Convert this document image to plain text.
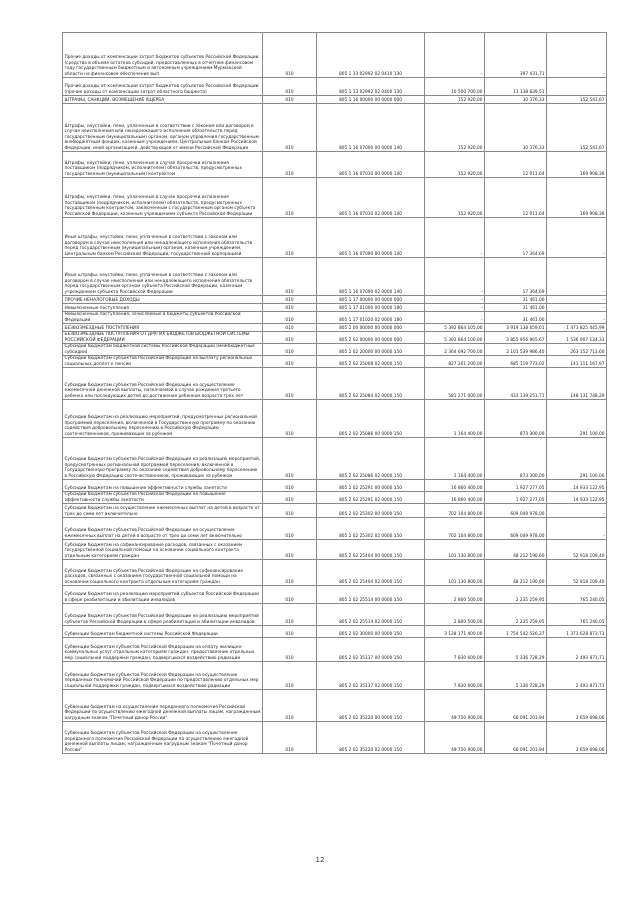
Прочие доходы от компенсации затрат бюджетов субъектов Российской Федерации (средства в объеме остатков субсидий, предоставленных в отчетном финансовом году государственным бюджетным и автономным учреждениям Мурманской области на финансовое обеспечение вып	010	805 1 13 02992 02 0410 130	-	397 431,71	-
Прочие доходы от компенсации затрат бюджетов субъектов Российской Федерации (прочие доходы от компенсации затрат областного бюджета)	010	805 1 13 02992 02 0400 130	10 500 700,00	11 138 839,51	-
ШТРАФЫ, САНКЦИИ, ВОЗМЕЩЕНИЕ УЩЕРБА	010	805 1 16 00000 00 0000 000	152 920,00	30 376,33	152 543,67
Штрафы, неустойки, пени, уплаченные в соответствии с законом или договором в случае неисполнения или ненадлежащего исполнения обязательств перед государственным (муниципальным) органом, органом управления государственным внебюджетным фондом, казенным учреждением, Центральным банком Российской Федерации, иной организацией, действующей от имени Российской Федерации	010	805 1 16 07000 00 0000 140	152 920,00	30 376,33	152 543,67
Штрафы, неустойки, пени, уплаченные в случае просрочки исполнения поставщиком (подрядчиком, исполнителем) обязательств, предусмотренных государственным (муниципальным) контрактом	010	805 1 16 07010 00 0000 140	152 920,00	12 011,64	169 908,36
Штрафы, неустойки, пени, уплаченные в случае просрочки исполнения поставщиком (подрядчиком, исполнителем) обязательств, предусмотренных государственным контрактом, заключенным с государственным органом субъекта Российской Федерации, казенным учреждением субъекта Российской Федерации	010	805 1 16 07010 02 0000 140	152 920,00	12 011,64	169 908,36
Иные штрафы, неустойки, пени, уплаченные в соответствии с законом или договором в случае неисполнения или ненадлежащего исполнения обязательств перед государственным (муниципальным) органом, казенным учреждением, Центральным банком Российской Федерации, государственной корпорацией	010	805 1 16 07090 00 0000 140	-	17 364,69	-
Иные штрафы, неустойки, пени, уплаченные в соответствии с законом или договором в случае неисполнения или ненадлежащего исполнения обязательств перед государственным органом субъекта Российской Федерации, казенным учреждением субъекта Российской Федерации	010	805 1 16 07090 02 0000 140	-	17 364,69	-
ПРОЧИЕ НЕНАЛОГОВЫЕ ДОХОДЫ	010	805 1 17 00000 00 0000 000	-	31 461,00	-
Невыясненные поступления	010	805 1 17 01000 00 0000 180	-	31 461,00	-
Невыясненные поступления, зачисляемые в бюджеты субъектов Российской Федерации	010	805 1 17 01020 02 0000 180	-	31 461,00	-
БЕЗВОЗМЕЗДНЫЕ ПОСТУПЛЕНИЯ	010	805 2 00 00000 00 0000 000	5 392 864 105,00	3 919 138 659,01	1 473 825 445,99
БЕЗВОЗМЕЗДНЫЕ ПОСТУПЛЕНИЯ ОТ ДРУГИХ БЮДЖЕТОВ БЮДЖЕТНОЙ СИСТЕМЫ РОССИЙСКОЙ ФЕДЕРАЦИИ	010	805 2 02 00000 00 0000 000	5 392 864 100,00	3 855 956 965,67	1 536 907 134,33
Субсидии бюджетам бюджетной системы Российской Федерации (межбюджетные субсидии)	010	805 2 02 20000 00 0000 150	2 364 692 700,00	2 101 539 986,40	263 152 713,60
Субсидии бюджетам субъектов Российской Федерации на выплату региональных социальных доплат к пенсии	010	805 2 02 25008 02 0000 150	827 201 200,00	685 119 773,02	141 111 167,97
Субсидии бюджетам субъектов Российской Федерации на осуществление ежемесячной денежной выплаты, назначаемой в случае рождения третьего ребенка или последующих детей до достижения ребенком возраста трех лет	010	805 2 02 25084 02 0000 150	581 271 000,00	433 139 251,71	148 131 748,29
Субсидии бюджетам на реализацию мероприятий, предусмотренных региональной программой переселения, включенной в Государственную программу по оказанию содействия добровольному переселению в Российскую Федерацию соотечественников, проживающих за рубежом	010	805 2 02 25086 00 0000 150	1 164 400,00	873 300,00	291 100,00
Субсидии бюджетам субъектов Российской Федерации на реализацию мероприятий, предусмотренных региональной программой переселения, включенной в Государственную программу по оказанию содействия добровольному переселению в Российскую Федерацию соотечественников, проживающих за рубежом	010	805 2 02 25086 02 0000 150	1 164 400,00	873 300,00	291 100,00
Субсидии бюджетам на повышение эффективности службы занятости	010	805 2 02 25291 00 0000 150	16 860 400,00	1 927 277,05	14 933 122,95
Субсидии бюджетам субъектов Российской Федерации на повышение эффективности службы занятости	010	805 2 02 25291 02 0000 150	16 860 400,00	1 927 277,05	14 933 122,95
Субсидии бюджетам на осуществление ежемесячных выплат на детей в возрасте от трех до семи лет включительно	010	805 2 02 25302 00 0000 150	702 104 800,00	609 049 978,00	-
Субсидии бюджетам субъектов Российской Федерации на осуществление ежемесячных выплат на детей в возрасте от трех до семи лет включительно	010	805 2 02 25302 02 0000 150	702 104 800,00	609 049 978,00	-
Субсидии бюджетам на софинансирование расходов, связанных с оказанием государственной социальной помощи на основании социального контракта отдельным категориям граждан	010	805 2 02 25404 00 0000 150	101 130 800,00	48 212 190,60	52 918 109,40
Субсидии бюджетам субъектов Российской Федерации на софинансирование расходов, связанных с оказанием государственной социальной помощи на основании социального контракта отдельным категориям граждан	010	805 2 02 25404 02 0000 150	101 130 800,00	48 212 190,60	52 918 109,40
Субсидии бюджетам на реализацию мероприятий субъектов Российской Федерации в сфере реабилитации и абилитации инвалидов	010	805 2 02 25514 00 0000 150	2 800 500,00	2 235 259,95	765 240,05
Субсидии бюджетам субъектов Российской Федерации на реализацию мероприятий субъектов Российской Федерации в сфере реабилитации и абилитации инвалидов	010	805 2 02 25514 02 0000 150	2 800 500,00	2 235 259,95	765 240,05
Субвенции бюджетам бюджетной системы Российской Федерации	010	805 2 02 30000 00 0000 150	3 128 171 400,00	1 754 542 526,27	1 373 628 873,73
Субвенции бюджетам субъектов Российской Федерации на оплату жилищно-коммунальных услуг отдельным категориям граждан, предоставление отдельных мер социальной поддержки граждан, подвергшихся воздействию радиации	010	805 2 02 35137 00 0000 150	7 830 600,00	5 336 728,29	2 493 871,71
Субвенции бюджетам субъектов Российской Федерации на осуществление переданных полномочий Российской Федерации по предоставлению отдельных мер социальной поддержки граждан, подвергшихся воздействию радиации	010	805 2 02 35137 02 0000 150	7 830 600,00	5 336 728,29	2 493 871,71
Субвенции бюджетам на осуществление переданного полномочия Российской Федерации по осуществлению ежегодной денежной выплаты лицам, награжденным нагрудным знаком "Почетный донор России"	010	805 2 02 35220 00 0000 150	49 750 900,00	60 091 201,94	3 659 698,06
Субвенции бюджетам субъектов Российской Федерации на осуществление переданного полномочия Российской Федерации по осуществлению ежегодной денежной выплаты лицам, награжденным нагрудным знаком "Почетный донор России"	010	805 2 02 35220 02 0000 150	49 750 900,00	60 091 201,94	3 659 698,06
12
